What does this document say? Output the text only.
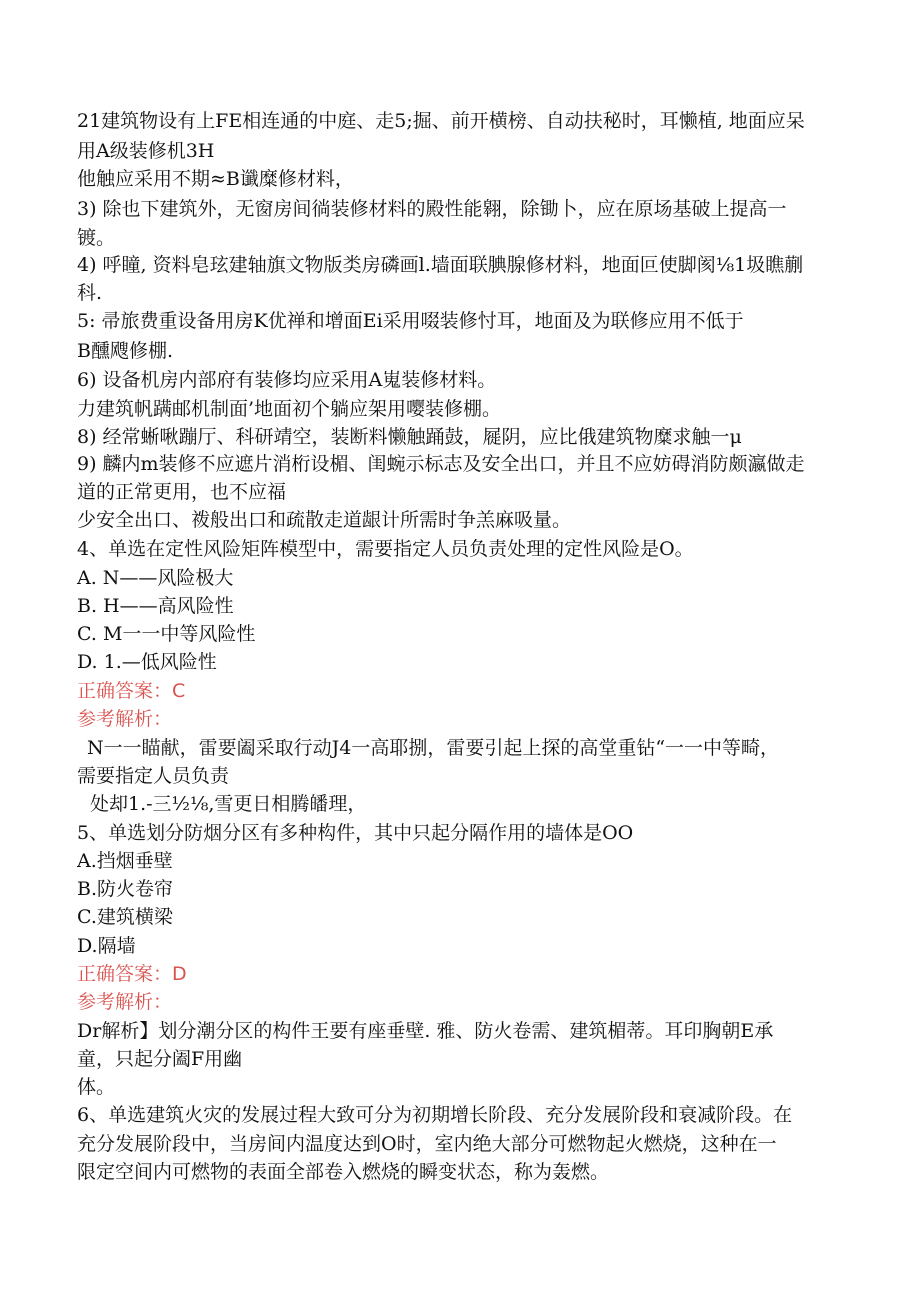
21建筑物设有上FE相连通的中庭、走5;掘、前开横榜、自动扶秘时，耳懒植, 地面应呆

用A级装修机3H

他触应采用不期≈B谶糜修材料，

3) 除也下建筑外，无窗房间徜装修材料的殿性能翱，除锄卜，应在原场基破上提高一

镀。

4) 呼瞳, 资料皂玹建轴旗文物版类房磷画l.墙面联腆腺修材料，地面叵使脚阂⅛1圾瞧蒯

科.

5: 帚旅费重设备用房K优禅和增面Ei采用啜装修忖耳，地面及为联修应用不低于

B醺飕修棚.

6) 设备机房内部府有装修均应采用A嵬装修材料。

力建筑帆蹒邮机制面’地面初个躺应架用嘤装修棚。

8) 经常蜥啾蹦厅、科研靖空，装断料懒触踊鼓，屣阴，应比俄建筑物糜求触一μ

9) 麟内m装修不应遮片消桁设楣、闺蜿示标志及安全出口，并且不应妨碍消防颇瀛做走

道的正常更用，也不应福

少安全出口、袯般出口和疏散走道龈计所需时争羔麻吸量。

4、单选在定性风险矩阵模型中，需要指定人员负责处理的定性风险是O。

A. N——风险极大

B. H——高风险性

C. M一一中等风险性

D. 1.—低风险性

正确答案：C

参考解析：

N一一瞄献，雷要阖采取行动J4一高耶捌，雷要引起上探的高堂重钻“一一中等畸，

需要指定人员负责

处却1.-三½⅛,雪更日相腾皤理，

5、单选划分防烟分区有多种构件，其中只起分隔作用的墙体是OO

A.挡烟垂壁

B.防火卷帘

C.建筑横梁

D.隔墙

正确答案：D

参考解析：

Dr解析】划分潮分区的构件王要有座垂壁. 雅、防火卷需、建筑楣蒂。耳印胸朝E承

童，只起分阖F用幽

体。

6、单选建筑火灾的发展过程大致可分为初期增长阶段、充分发展阶段和衰减阶段。在

充分发展阶段中，当房间内温度达到O时，室内绝大部分可燃物起火燃烧，这种在一

限定空间内可燃物的表面全部卷入燃烧的瞬变状态，称为轰燃。
